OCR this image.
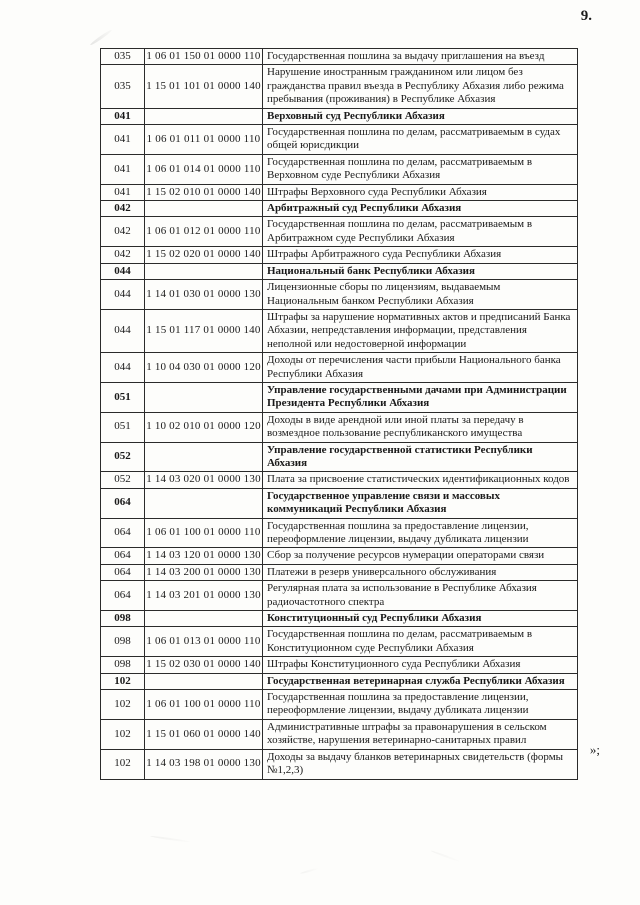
9.
035	1 06 01 150 01 0000 110	Государственная пошлина за выдачу приглашения на въезд
035	1 15 01 101 01 0000 140	Нарушение иностранным гражданином или лицом без гражданства правил въезда в Республику Абхазия либо режима пребывания (проживания) в Республике Абхазия
041		Верховный суд Республики Абхазия
041	1 06 01 011 01 0000 110	Государственная пошлина по делам, рассматриваемым в судах общей юрисдикции
041	1 06 01 014 01 0000 110	Государственная пошлина по делам, рассматриваемым в Верховном суде Республики Абхазия
041	1 15 02 010 01 0000 140	Штрафы Верховного суда Республики Абхазия
042		Арбитражный суд Республики Абхазия
042	1 06 01 012 01 0000 110	Государственная пошлина по делам, рассматриваемым в Арбитражном суде Республики Абхазия
042	1 15 02 020 01 0000 140	Штрафы Арбитражного суда Республики Абхазия
044		Национальный банк Республики Абхазия
044	1 14 01 030 01 0000 130	Лицензионные сборы по лицензиям, выдаваемым Национальным банком Республики Абхазия
044	1 15 01 117 01 0000 140	Штрафы за нарушение нормативных актов и предписаний Банка Абхазии, непредставления информации, представления неполной или недостоверной информации
044	1 10 04 030 01 0000 120	Доходы от перечисления части прибыли Национального банка Республики Абхазия
051		Управление государственными дачами при Администрации Президента Республики Абхазия
051	1 10 02 010 01 0000 120	Доходы в виде арендной или иной платы за передачу в возмездное пользование республиканского имущества
052		Управление государственной статистики Республики Абхазия
052	1 14 03 020 01 0000 130	Плата за присвоение статистических идентификационных кодов
064		Государственное управление связи и массовых коммуникаций Республики Абхазия
064	1 06 01 100 01 0000 110	Государственная пошлина за предоставление лицензии, переоформление лицензии, выдачу дубликата лицензии
064	1 14 03 120 01 0000 130	Сбор за получение ресурсов нумерации операторами связи
064	1 14 03 200 01 0000 130	Платежи в резерв универсального обслуживания
064	1 14 03 201 01 0000 130	Регулярная плата за использование в Республике Абхазия радиочастотного спектра
098		Конституционный суд Республики Абхазия
098	1 06 01 013 01 0000 110	Государственная пошлина по делам, рассматриваемым в Конституционном суде Республики Абхазия
098	1 15 02 030 01 0000 140	Штрафы Конституционного суда Республики Абхазия
102		Государственная ветеринарная служба Республики Абхазия
102	1 06 01 100 01 0000 110	Государственная пошлина за предоставление лицензии, переоформление лицензии, выдачу дубликата лицензии
102	1 15 01 060 01 0000 140	Административные штрафы за правонарушения в сельском хозяйстве, нарушения ветеринарно-санитарных правил
102	1 14 03 198 01 0000 130	Доходы за выдачу бланков ветеринарных свидетельств (формы №1,2,3)
»;
